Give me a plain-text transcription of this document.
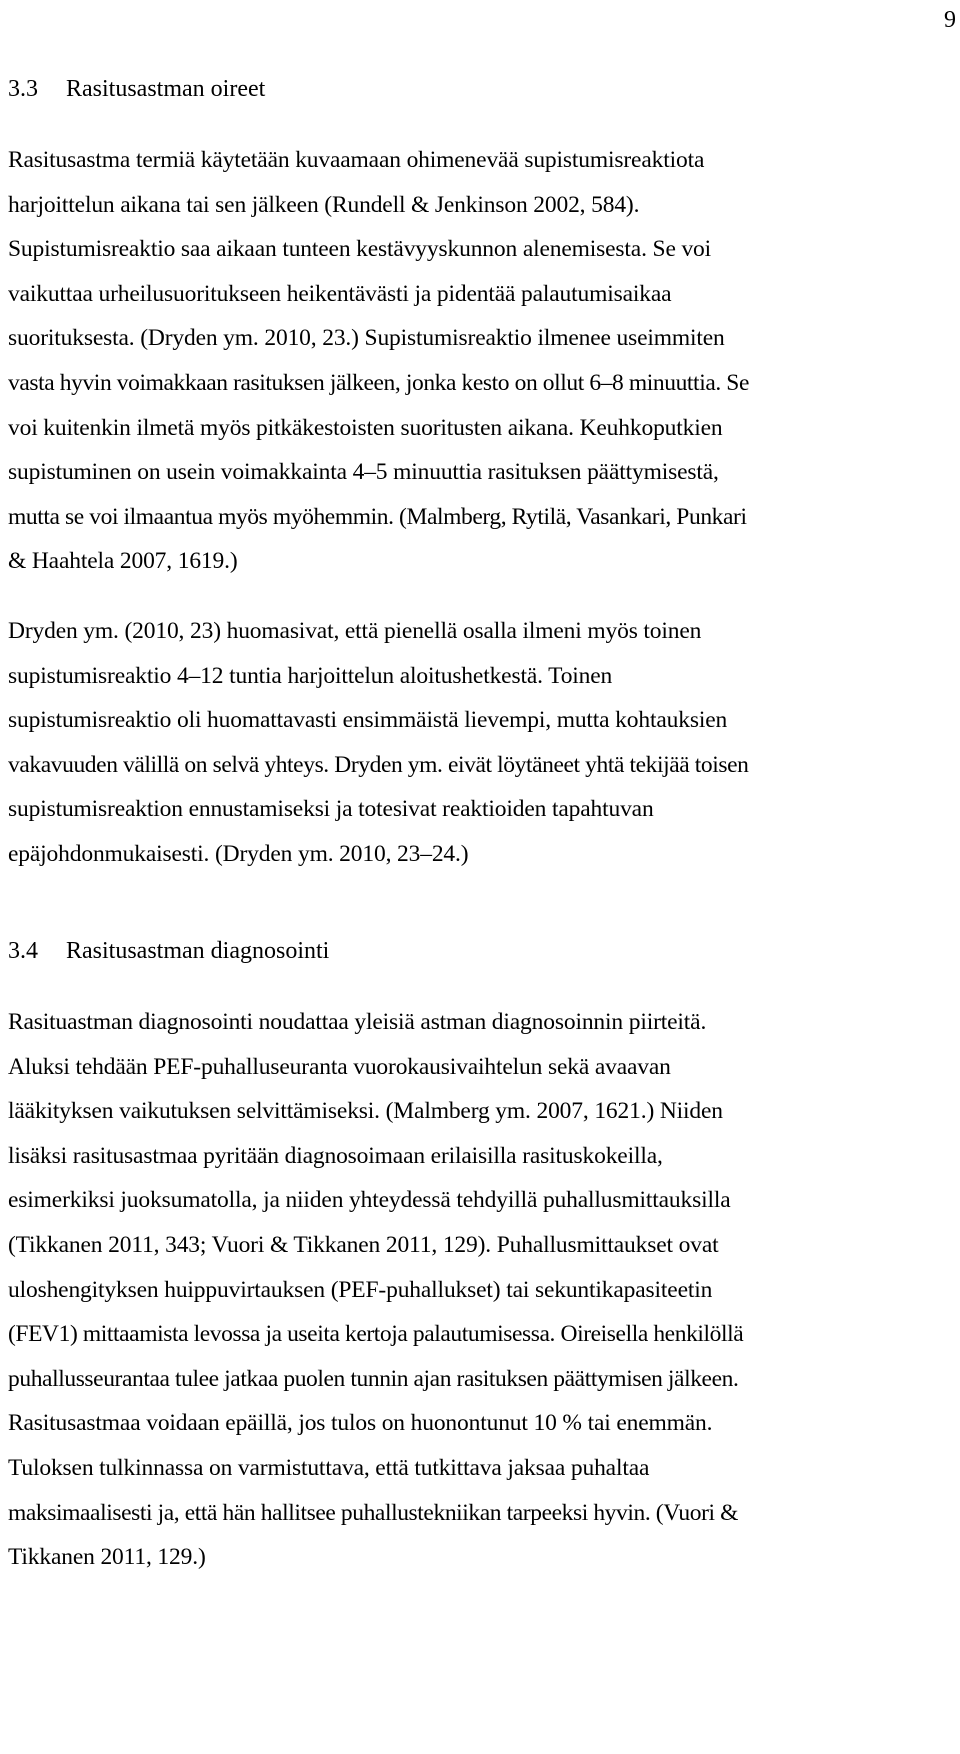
9
3.3 Rasitusastman oireet
Rasitusastma termiä käytetään kuvaamaan ohimenevää supistumisreaktiota
harjoittelun aikana tai sen jälkeen (Rundell & Jenkinson 2002, 584).
Supistumisreaktio saa aikaan tunteen kestävyyskunnon alenemisesta. Se voi
vaikuttaa urheilusuoritukseen heikentävästi ja pidentää palautumisaikaa
suorituksesta. (Dryden ym. 2010, 23.) Supistumisreaktio ilmenee useimmiten
vasta hyvin voimakkaan rasituksen jälkeen, jonka kesto on ollut 6–8 minuuttia. Se
voi kuitenkin ilmetä myös pitkäkestoisten suoritusten aikana. Keuhkoputkien
supistuminen on usein voimakkainta 4–5 minuuttia rasituksen päättymisestä,
mutta se voi ilmaantua myös myöhemmin. (Malmberg, Rytilä, Vasankari, Punkari
& Haahtela 2007, 1619.)
Dryden ym. (2010, 23) huomasivat, että pienellä osalla ilmeni myös toinen
supistumisreaktio 4–12 tuntia harjoittelun aloitushetkestä. Toinen
supistumisreaktio oli huomattavasti ensimmäistä lievempi, mutta kohtauksien
vakavuuden välillä on selvä yhteys. Dryden ym. eivät löytäneet yhtä tekijää toisen
supistumisreaktion ennustamiseksi ja totesivat reaktioiden tapahtuvan
epäjohdonmukaisesti. (Dryden ym. 2010, 23–24.)
3.4 Rasitusastman diagnosointi
Rasituastman diagnosointi noudattaa yleisiä astman diagnosoinnin piirteitä.
Aluksi tehdään PEF-puhalluseuranta vuorokausivaihtelun sekä avaavan
lääkityksen vaikutuksen selvittämiseksi. (Malmberg ym. 2007, 1621.) Niiden
lisäksi rasitusastmaa pyritään diagnosoimaan erilaisilla rasituskokeilla,
esimerkiksi juoksumatolla, ja niiden yhteydessä tehdyillä puhallusmittauksilla
(Tikkanen 2011, 343; Vuori & Tikkanen 2011, 129). Puhallusmittaukset ovat
uloshengityksen huippuvirtauksen (PEF-puhallukset) tai sekuntikapasiteetin
(FEV1) mittaamista levossa ja useita kertoja palautumisessa. Oireisella henkilöllä
puhallusseurantaa tulee jatkaa puolen tunnin ajan rasituksen päättymisen jälkeen.
Rasitusastmaa voidaan epäillä, jos tulos on huonontunut 10 % tai enemmän.
Tuloksen tulkinnassa on varmistuttava, että tutkittava jaksaa puhaltaa
maksimaalisesti ja, että hän hallitsee puhallustekniikan tarpeeksi hyvin. (Vuori &
Tikkanen 2011, 129.)
